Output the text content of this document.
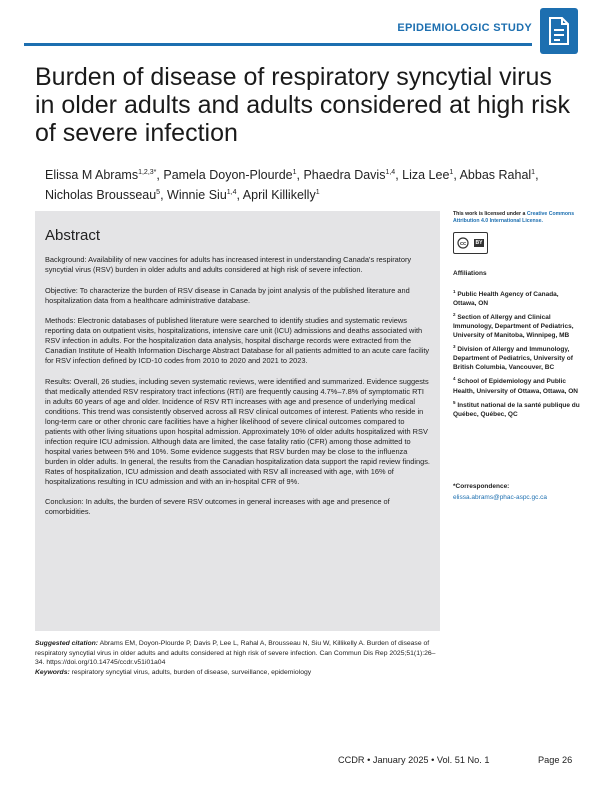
EPIDEMIOLOGIC STUDY
Burden of disease of respiratory syncytial virus in older adults and adults considered at high risk of severe infection
Elissa M Abrams$^{1,2,3*}$, Pamela Doyon-Plourde$^1$, Phaedra Davis$^{1,4}$, Liza Lee$^1$, Abbas Rahal$^1$,
Nicholas Brousseau$^5$, Winnie Siu$^{1,4}$, April Killikelly$^1$
Abstract

Background: Availability of new vaccines for adults has increased interest in understanding Canada's respiratory syncytial virus (RSV) burden in older adults and adults considered at high risk of severe infection.

Objective: To characterize the burden of RSV disease in Canada by joint analysis of the published literature and hospitalization data from a healthcare administrative database.

Methods: Electronic databases of published literature were searched to identify studies and systematic reviews reporting data on outpatient visits, hospitalizations, intensive care unit (ICU) admissions and deaths associated with RSV infection in adults. For the hospitalization data analysis, hospital discharge records were extracted from the Canadian Institute of Health Information Discharge Abstract Database for all patients admitted to an acute care facility for RSV infection defined by ICD-10 codes from 2010 to 2020 and 2021 to 2023.

Results: Overall, 26 studies, including seven systematic reviews, were identified and summarized. Evidence suggests that medically attended RSV respiratory tract infections (RTI) are frequently causing 4.7%–7.8% of symptomatic RTI in adults 60 years of age and older. Incidence of RSV RTI increases with age and presence of underlying medical conditions. This trend was consistently observed across all RSV clinical outcomes of interest. Patients who reside in long-term care or other chronic care facilities have a higher likelihood of severe clinical outcomes compared to patients with other living situations upon hospital admission. Approximately 10% of older adults hospitalized with RSV infection require ICU admission. Although data are limited, the case fatality ratio (CFR) among those admitted to hospital varies between 5% and 10%. Some evidence suggests that RSV burden may be close to the influenza burden in older adults. In general, the results from the Canadian hospitalization data support the rapid review findings. Rates of hospitalization, ICU admission and death associated with RSV all increased with age, with 16% of hospitalizations resulting in ICU admission and with an in-hospital CFR of 9%.

Conclusion: In adults, the burden of severe RSV outcomes in general increases with age and presence of comorbidities.

This work is licensed under a Creative Commons Attribution 4.0 International License.

cc	BY
Affiliations
$^1$ Public Health Agency of Canada, Ottawa, ON
$^2$ Section of Allergy and Clinical Immunology, Department of Pediatrics, University of Manitoba, Winnipeg, MB
$^3$ Division of Allergy and Immunology, Department of Pediatrics, University of British Columbia, Vancouver, BC
$^4$ School of Epidemiology and Public Health, University of Ottawa, Ottawa, ON
$^5$ Institut national de la santé publique du Québec, Québec, QC
*Correspondence:
elissa.abrams@phac-aspc.gc.ca
Suggested citation: Abrams EM, Doyon-Plourde P, Davis P, Lee L, Rahal A, Brousseau N, Siu W, Killikelly A. Burden of disease of respiratory syncytial virus in older adults and adults considered at high risk of severe infection. Can Commun Dis Rep 2025;51(1):26–34. https://doi.org/10.14745/ccdr.v51i01a04
Keywords: respiratory syncytial virus, adults, burden of disease, surveillance, epidemiology
CCDR • January 2025 • Vol. 51 No. 1	Page 26
